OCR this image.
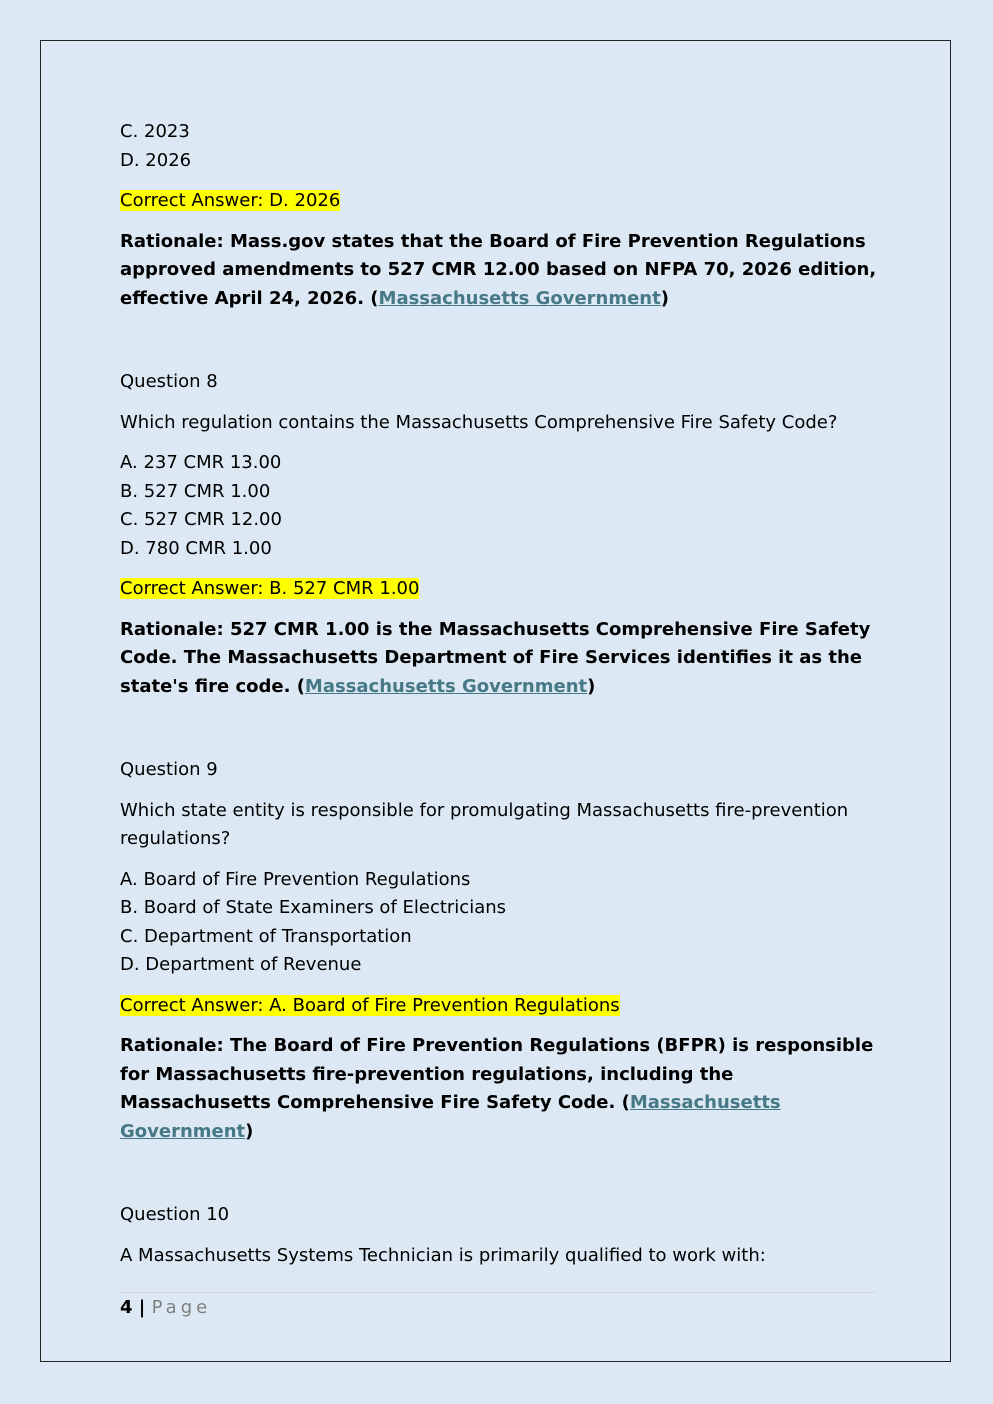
C. 2023

D. 2026

Correct Answer: D. 2026

Rationale: Mass.gov states that the Board of Fire Prevention Regulations approved amendments to 527 CMR 12.00 based on NFPA 70, 2026 edition, effective April 24, 2026. (Massachusetts Government)

Question 8

Which regulation contains the Massachusetts Comprehensive Fire Safety Code?

A. 237 CMR 13.00

B. 527 CMR 1.00

C. 527 CMR 12.00

D. 780 CMR 1.00

Correct Answer: B. 527 CMR 1.00

Rationale: 527 CMR 1.00 is the Massachusetts Comprehensive Fire Safety Code. The Massachusetts Department of Fire Services identifies it as the state's fire code. (Massachusetts Government)

Question 9

Which state entity is responsible for promulgating Massachusetts fire-prevention regulations?

A. Board of Fire Prevention Regulations

B. Board of State Examiners of Electricians

C. Department of Transportation

D. Department of Revenue

Correct Answer: A. Board of Fire Prevention Regulations

Rationale: The Board of Fire Prevention Regulations (BFPR) is responsible for Massachusetts fire-prevention regulations, including the Massachusetts Comprehensive Fire Safety Code. (Massachusetts Government)

Question 10

A Massachusetts Systems Technician is primarily qualified to work with:

4 | Page
